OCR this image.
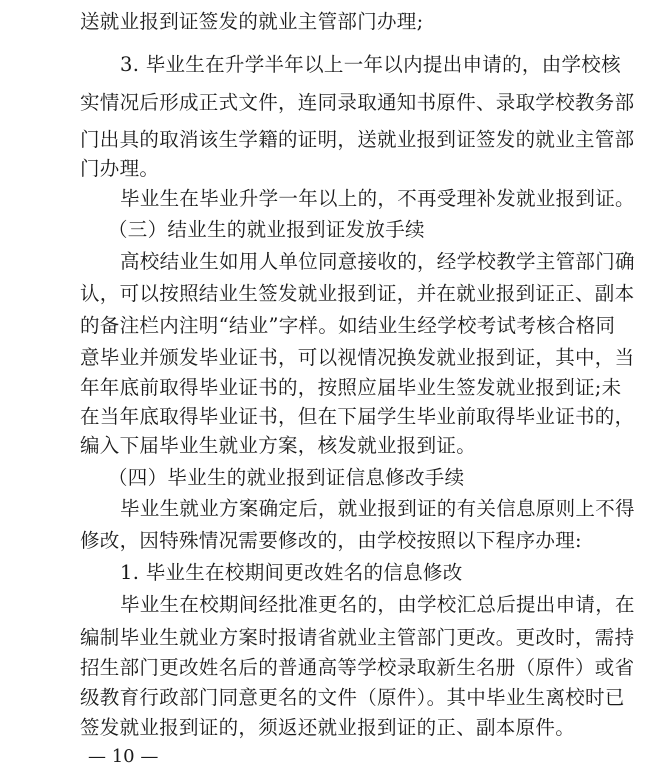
送就业报到证签发的就业主管部门办理;
3. 毕业生在升学半年以上一年以内提出申请的，由学校核
实情况后形成正式文件，连同录取通知书原件、录取学校教务部
门出具的取消该生学籍的证明，送就业报到证签发的就业主管部
门办理。
毕业生在毕业升学一年以上的，不再受理补发就业报到证。
（三）结业生的就业报到证发放手续
高校结业生如用人单位同意接收的，经学校教学主管部门确
认，可以按照结业生签发就业报到证，并在就业报到证正、副本
的备注栏内注明“结业”字样。如结业生经学校考试考核合格同
意毕业并颁发毕业证书，可以视情况换发就业报到证，其中，当
年年底前取得毕业证书的，按照应届毕业生签发就业报到证;未
在当年底取得毕业证书，但在下届学生毕业前取得毕业证书的，
编入下届毕业生就业方案，核发就业报到证。
（四）毕业生的就业报到证信息修改手续
毕业生就业方案确定后，就业报到证的有关信息原则上不得
修改，因特殊情况需要修改的，由学校按照以下程序办理:
1. 毕业生在校期间更改姓名的信息修改
毕业生在校期间经批准更名的，由学校汇总后提出申请，在
编制毕业生就业方案时报请省就业主管部门更改。更改时，需持
招生部门更改姓名后的普通高等学校录取新生名册（原件）或省
级教育行政部门同意更名的文件（原件）。其中毕业生离校时已
签发就业报到证的，须返还就业报到证的正、副本原件。
— 10 —
